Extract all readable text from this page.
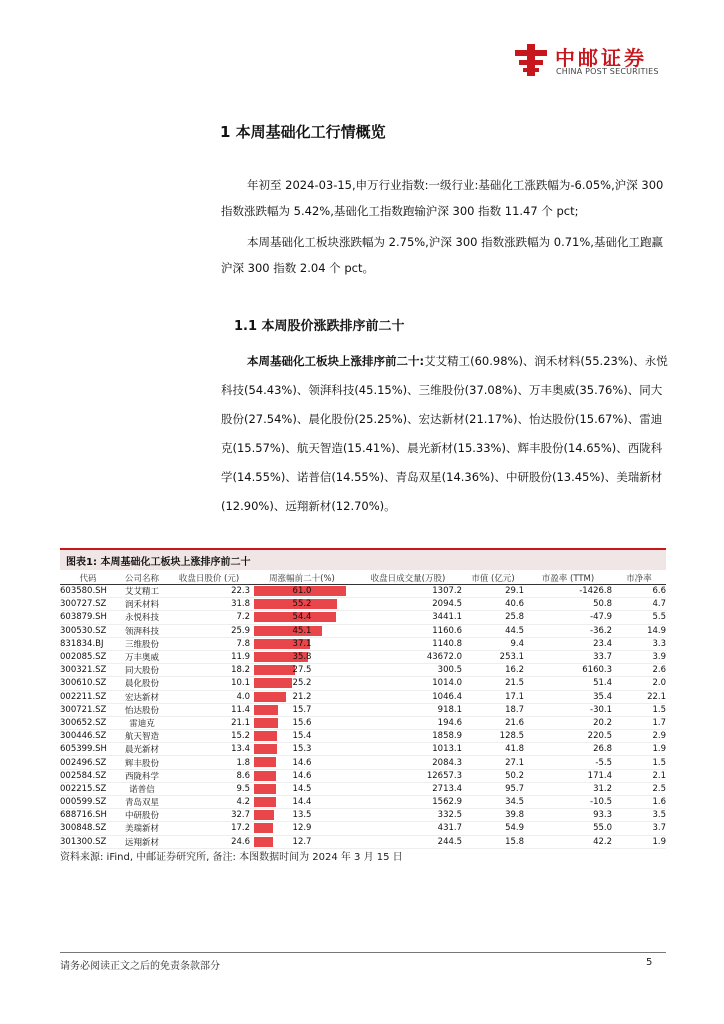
中邮证券
CHINA POST SECURITIES
1 本周基础化工行情概览
年初至 2024-03-15,申万行业指数:一级行业:基础化工涨跌幅为-6.05%,沪深 300 指数涨跌幅为 5.42%,基础化工指数跑输沪深 300 指数 11.47 个 pct;
本周基础化工板块涨跌幅为 2.75%,沪深 300 指数涨跌幅为 0.71%,基础化工跑赢沪深 300 指数 2.04 个 pct。
1.1 本周股价涨跌排序前二十
本周基础化工板块上涨排序前二十:艾艾精工(60.98%)、润禾材料(55.23%)、永悦科技(54.43%)、领湃科技(45.15%)、三维股份(37.08%)、万丰奥威(35.76%)、同大股份(27.54%)、晨化股份(25.25%)、宏达新材(21.17%)、怡达股份(15.67%)、雷迪克(15.57%)、航天智造(15.41%)、晨光新材(15.33%)、辉丰股份(14.65%)、西陇科学(14.55%)、诺普信(14.55%)、青岛双星(14.36%)、中研股份(13.45%)、美瑞新材(12.90%)、远翔新材(12.70%)。
图表1: 本周基础化工板块上涨排序前二十
代码	公司名称	收盘日股价 (元)	周涨幅前二十(%)	收盘日成交量(万股)	市值 (亿元)	市盈率 (TTM)	市净率
603580.SH	艾艾精工	22.3	61.0	1307.2	29.1	-1426.8	6.6
300727.SZ	润禾材料	31.8	55.2	2094.5	40.6	50.8	4.7
603879.SH	永悦科技	7.2	54.4	3441.1	25.8	-47.9	5.5
300530.SZ	领湃科技	25.9	45.1	1160.6	44.5	-36.2	14.9
831834.BJ	三维股份	7.8	37.1	1140.8	9.4	23.4	3.3
002085.SZ	万丰奥威	11.9	35.8	43672.0	253.1	33.7	3.9
300321.SZ	同大股份	18.2	27.5	300.5	16.2	6160.3	2.6
300610.SZ	晨化股份	10.1	25.2	1014.0	21.5	51.4	2.0
002211.SZ	宏达新材	4.0	21.2	1046.4	17.1	35.4	22.1
300721.SZ	怡达股份	11.4	15.7	918.1	18.7	-30.1	1.5
300652.SZ	雷迪克	21.1	15.6	194.6	21.6	20.2	1.7
300446.SZ	航天智造	15.2	15.4	1858.9	128.5	220.5	2.9
605399.SH	晨光新材	13.4	15.3	1013.1	41.8	26.8	1.9
002496.SZ	辉丰股份	1.8	14.6	2084.3	27.1	-5.5	1.5
002584.SZ	西陇科学	8.6	14.6	12657.3	50.2	171.4	2.1
002215.SZ	诺普信	9.5	14.5	2713.4	95.7	31.2	2.5
000599.SZ	青岛双星	4.2	14.4	1562.9	34.5	-10.5	1.6
688716.SH	中研股份	32.7	13.5	332.5	39.8	93.3	3.5
300848.SZ	美瑞新材	17.2	12.9	431.7	54.9	55.0	3.7
301300.SZ	远翔新材	24.6	12.7	244.5	15.8	42.2	1.9
资料来源: iFind, 中邮证券研究所, 备注: 本图数据时间为 2024 年 3 月 15 日
请务必阅读正文之后的免责条款部分	5
